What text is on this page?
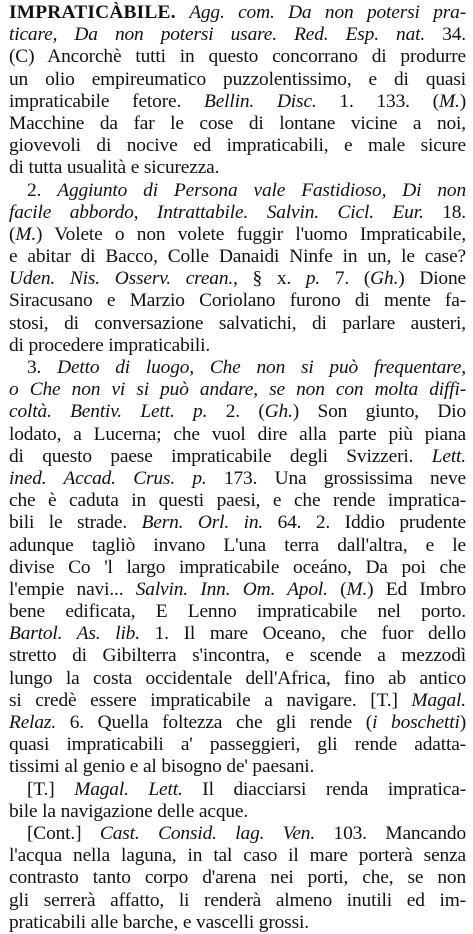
IMPRATICÀBILE. Agg. com. Da non potersi pra-
ticare, Da non potersi usare. Red. Esp. nat. 34.
(C) Ancorchè tutti in questo concorrano di produrre
un olio empireumatico puzzolentissimo, e di quasi
impraticabile fetore. Bellin. Disc. 1. 133. (M.)
Macchine da far le cose di lontane vicine a noi,
giovevoli di nocive ed impraticabili, e male sicure
di tutta usualità e sicurezza.
2. Aggiunto di Persona vale Fastidioso, Di non
facile abbordo, Intrattabile. Salvin. Cicl. Eur. 18.
(M.) Volete o non volete fuggir l'uomo Impraticabile,
e abitar di Bacco, Colle Danaidi Ninfe in un, le case?
Uden. Nis. Osserv. crean., § x. p. 7. (Gh.) Dione
Siracusano e Marzio Coriolano furono di mente fa-
stosi, di conversazione salvatichi, di parlare austeri,
di procedere impraticabili.
3. Detto di luogo, Che non si può frequentare,
o Che non vi si può andare, se non con molta diffi-
coltà. Bentiv. Lett. p. 2. (Gh.) Son giunto, Dio
lodato, a Lucerna; che vuol dire alla parte più piana
di questo paese impraticabile degli Svizzeri. Lett.
ined. Accad. Crus. p. 173. Una grossissima neve
che è caduta in questi paesi, e che rende impratica-
bili le strade. Bern. Orl. in. 64. 2. Iddio prudente
adunque tagliò invano L'una terra dall'altra, e le
divise Co 'l largo impraticabile oceáno, Da poi che
l'empie navi... Salvin. Inn. Om. Apol. (M.) Ed Imbro
bene edificata, E Lenno impraticabile nel porto.
Bartol. As. lib. 1. Il mare Oceano, che fuor dello
stretto di Gibilterra s'incontra, e scende a mezzodì
lungo la costa occidentale dell'Africa, fino ab antico
si credè essere impraticabile a navigare. [T.] Magal.
Relaz. 6. Quella foltezza che gli rende (i boschetti)
quasi impraticabili a' passeggieri, gli rende adatta-
tissimi al genio e al bisogno de' paesani.
[T.] Magal. Lett. Il diacciarsi renda impratica-
bile la navigazione delle acque.
[Cont.] Cast. Consid. lag. Ven. 103. Mancando
l'acqua nella laguna, in tal caso il mare porterà senza
contrasto tanto corpo d'arena nei porti, che, se non
gli serrerà affatto, li renderà almeno inutili ed im-
praticabili alle barche, e vascelli grossi.
